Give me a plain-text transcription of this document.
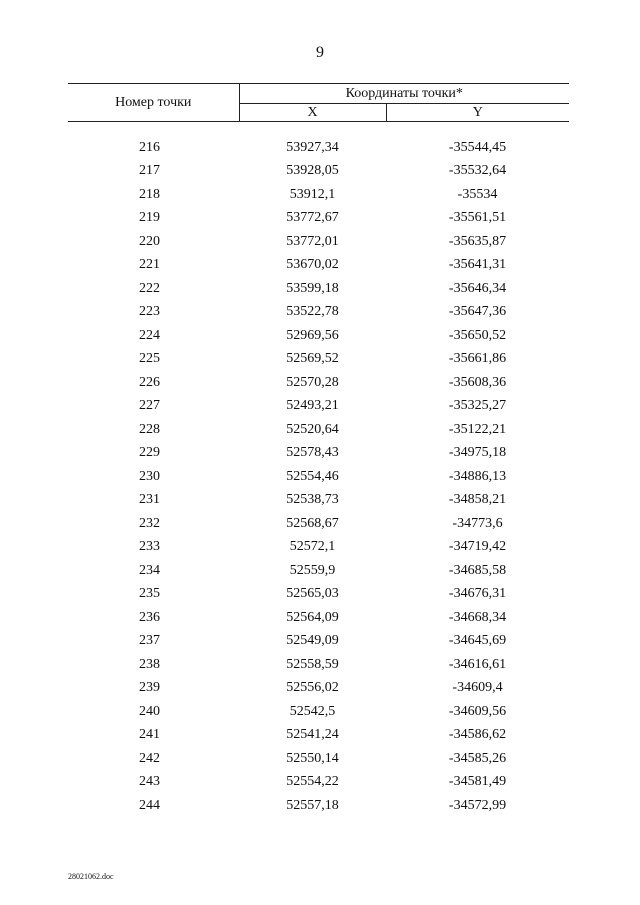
9
Номер точки	Координаты точки*	
	X	Y

216	53927,34	-35544,45
217	53928,05	-35532,64
218	53912,1	-35534
219	53772,67	-35561,51
220	53772,01	-35635,87
221	53670,02	-35641,31
222	53599,18	-35646,34
223	53522,78	-35647,36
224	52969,56	-35650,52
225	52569,52	-35661,86
226	52570,28	-35608,36
227	52493,21	-35325,27
228	52520,64	-35122,21
229	52578,43	-34975,18
230	52554,46	-34886,13
231	52538,73	-34858,21
232	52568,67	-34773,6
233	52572,1	-34719,42
234	52559,9	-34685,58
235	52565,03	-34676,31
236	52564,09	-34668,34
237	52549,09	-34645,69
238	52558,59	-34616,61
239	52556,02	-34609,4
240	52542,5	-34609,56
241	52541,24	-34586,62
242	52550,14	-34585,26
243	52554,22	-34581,49
244	52557,18	-34572,99
28021062.doc
